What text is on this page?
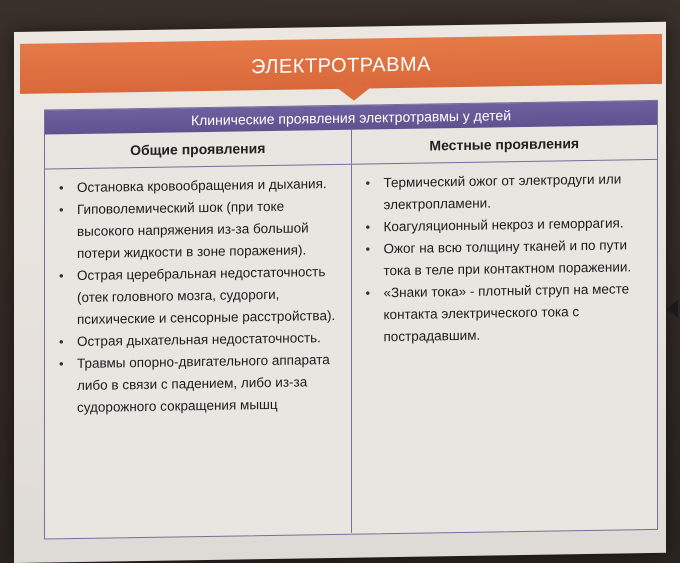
ЭЛЕКТРОТРАВМА
Клинические проявления электротравмы у детей
Общие проявления	Местные проявления
• Остановка кровообращения и дыхания.
• Гиповолемический шок (при токе высокого напряжения из-за большой потери жидкости в зоне поражения).
• Острая церебральная недостаточность (отек головного мозга, судороги, психические и сенсорные расстройства).
• Острая дыхательная недостаточность.
• Травмы опорно-двигательного аппарата либо в связи с падением, либо из-за судорожного сокращения мышц
• Термический ожог от электродуги или электропламени.
• Коагуляционный некроз и геморрагия.
• Ожог на всю толщину тканей и по пути тока в теле при контактном поражении.
• «Знаки тока» - плотный струп на месте контакта электрического тока с пострадавшим.
